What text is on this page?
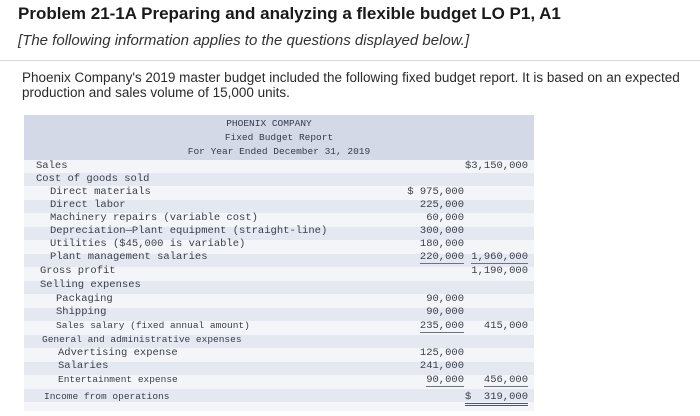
Problem 21-1A Preparing and analyzing a flexible budget LO P1, A1
[The following information applies to the questions displayed below.]
Phoenix Company's 2019 master budget included the following fixed budget report. It is based on an expected production and sales volume of 15,000 units.
PHOENIX COMPANY
Fixed Budget Report
For Year Ended December 31, 2019
Sales	$3,150,000
Cost of goods sold
Direct materials	$ 975,000
Direct labor	225,000
Machinery repairs (variable cost)	60,000
Depreciation—Plant equipment (straight-line)	300,000
Utilities ($45,000 is variable)	180,000
Plant management salaries	220,000 1,960,000
Gross profit	1,190,000
Selling expenses
Packaging	90,000
Shipping	90,000
Sales salary (fixed annual amount)	235,000 415,000
General and administrative expenses
Advertising expense	125,000
Salaries	241,000
Entertainment expense	90,000 456,000
Income from operations	$  319,000
